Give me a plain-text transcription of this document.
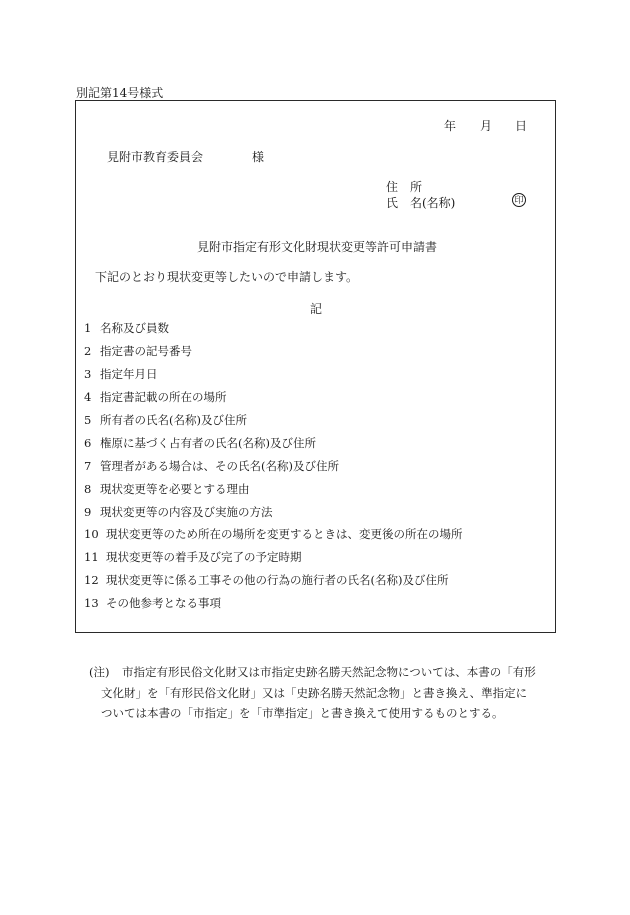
別記第14号様式
年 月 日
見附市教育委員会	様
住　所
氏　名(名称)	印
見附市指定有形文化財現状変更等許可申請書
下記のとおり現状変更等したいので申請します。
記
1 名称及び員数
2 指定書の記号番号
3 指定年月日
4 指定書記載の所在の場所
5 所有者の氏名(名称)及び住所
6 権原に基づく占有者の氏名(名称)及び住所
7 管理者がある場合は、その氏名(名称)及び住所
8 現状変更等を必要とする理由
9 現状変更等の内容及び実施の方法
10 現状変更等のため所在の場所を変更するときは、変更後の所在の場所
11 現状変更等の着手及び完了の予定時期
12 現状変更等に係る工事その他の行為の施行者の氏名(名称)及び住所
13 その他参考となる事項
(注) 市指定有形民俗文化財又は市指定史跡名勝天然記念物については、本書の「有形
文化財」を「有形民俗文化財」又は「史跡名勝天然記念物」と書き換え、準指定に
ついては本書の「市指定」を「市準指定」と書き換えて使用するものとする。
